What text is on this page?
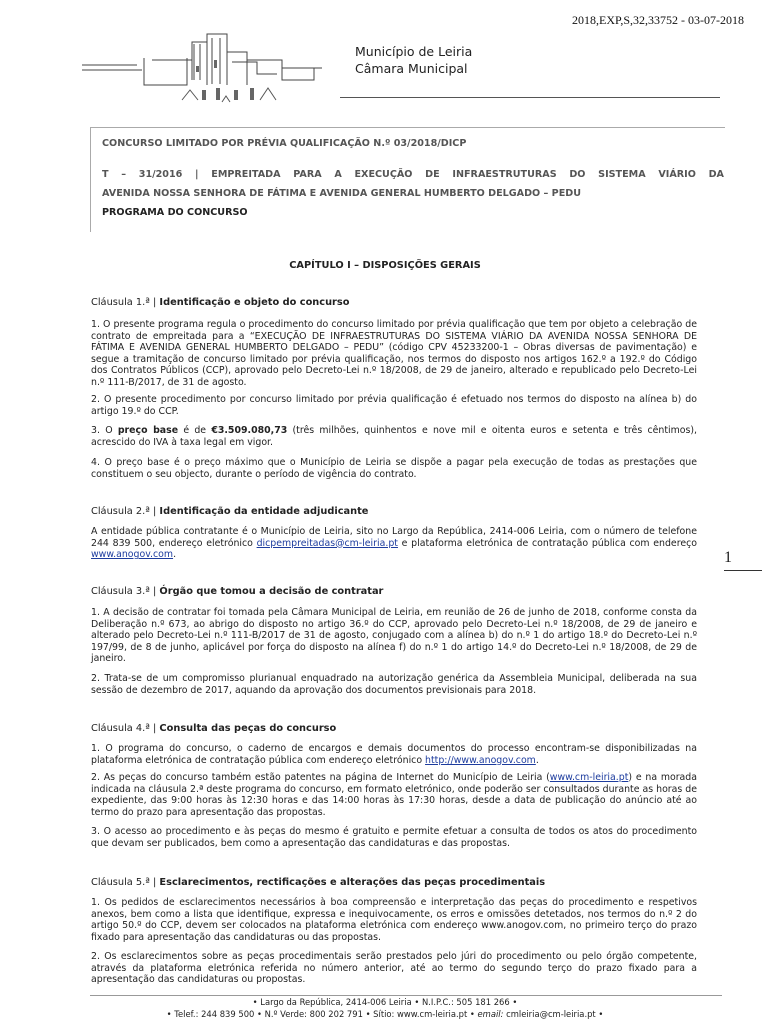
2018,EXP,S,32,33752 - 03-07-2018
Município de Leiria
Câmara Municipal

CONCURSO LIMITADO POR PRÉVIA QUALIFICAÇÃO N.º 03/2018/DICP

T – 31/2016 | EMPREITADA PARA A EXECUÇÃO DE INFRAESTRUTURAS DO SISTEMA VIÁRIO DA
AVENIDA NOSSA SENHORA DE FÁTIMA E AVENIDA GENERAL HUMBERTO DELGADO – PEDU

PROGRAMA DO CONCURSO

CAPÍTULO I – DISPOSIÇÕES GERAIS
Cláusula 1.ª | Identificação e objeto do concurso

1. O presente programa regula o procedimento do concurso limitado por prévia qualificação que tem por objeto a celebração de contrato de empreitada para a “EXECUÇÃO DE INFRAESTRUTURAS DO SISTEMA VIÁRIO DA AVENIDA NOSSA SENHORA DE FÁTIMA E AVENIDA GENERAL HUMBERTO DELGADO – PEDU” (código CPV 45233200-1 – Obras diversas de pavimentação) e segue a tramitação de concurso limitado por prévia qualificação, nos termos do disposto nos artigos 162.º a 192.º do Código dos Contratos Públicos (CCP), aprovado pelo Decreto-Lei n.º 18/2008, de 29 de janeiro, alterado e republicado pelo Decreto-Lei n.º 111-B/2017, de 31 de agosto.

2. O presente procedimento por concurso limitado por prévia qualificação é efetuado nos termos do disposto na alínea b) do artigo 19.º do CCP.

3. O preço base é de €3.509.080,73 (três milhões, quinhentos e nove mil e oitenta euros e setenta e três cêntimos), acrescido do IVA à taxa legal em vigor.

4. O preço base é o preço máximo que o Município de Leiria se dispõe a pagar pela execução de todas as prestações que constituem o seu objecto, durante o período de vigência do contrato.

Cláusula 2.ª | Identificação da entidade adjudicante

A entidade pública contratante é o Município de Leiria, sito no Largo da República, 2414-006 Leiria, com o número de telefone 244 839 500, endereço eletrónico dicpempreitadas@cm-leiria.pt e plataforma eletrónica de contratação pública com endereço www.anogov.com.	1
Cláusula 3.ª | Órgão que tomou a decisão de contratar

1. A decisão de contratar foi tomada pela Câmara Municipal de Leiria, em reunião de 26 de junho de 2018, conforme consta da Deliberação n.º 673, ao abrigo do disposto no artigo 36.º do CCP, aprovado pelo Decreto-Lei n.º 18/2008, de 29 de janeiro e alterado pelo Decreto-Lei n.º 111-B/2017 de 31 de agosto, conjugado com a alínea b) do n.º 1 do artigo 18.º do Decreto-Lei n.º 197/99, de 8 de junho, aplicável por força do disposto na alínea f) do n.º 1 do artigo 14.º do Decreto-Lei n.º 18/2008, de 29 de janeiro.

2. Trata-se de um compromisso plurianual enquadrado na autorização genérica da Assembleia Municipal, deliberada na sua sessão de dezembro de 2017, aquando da aprovação dos documentos previsionais para 2018.

Cláusula 4.ª | Consulta das peças do concurso

1. O programa do concurso, o caderno de encargos e demais documentos do processo encontram-se disponibilizadas na plataforma eletrónica de contratação pública com endereço eletrónico http://www.anogov.com.

2. As peças do concurso também estão patentes na página de Internet do Município de Leiria (www.cm-leiria.pt) e na morada indicada na cláusula 2.ª deste programa do concurso, em formato eletrónico, onde poderão ser consultados durante as horas de expediente, das 9:00 horas às 12:30 horas e das 14:00 horas às 17:30 horas, desde a data de publicação do anúncio até ao termo do prazo para apresentação das propostas.

3. O acesso ao procedimento e às peças do mesmo é gratuito e permite efetuar a consulta de todos os atos do procedimento que devam ser publicados, bem como a apresentação das candidaturas e das propostas.

Cláusula 5.ª | Esclarecimentos, rectificações e alterações das peças procedimentais

1. Os pedidos de esclarecimentos necessários à boa compreensão e interpretação das peças do procedimento e respetivos anexos, bem como a lista que identifique, expressa e inequivocamente, os erros e omissões detetados, nos termos do n.º 2 do artigo 50.º do CCP, devem ser colocados na plataforma eletrónica com endereço www.anogov.com, no primeiro terço do prazo fixado para apresentação das candidaturas ou das propostas.

2. Os esclarecimentos sobre as peças procedimentais serão prestados pelo júri do procedimento ou pelo órgão competente, através da plataforma eletrónica referida no número anterior, até ao termo do segundo terço do prazo fixado para a apresentação das candidaturas ou propostas.

• Largo da República, 2414-006 Leiria • N.I.P.C.: 505 181 266 •
• Telef.: 244 839 500 • N.º Verde: 800 202 791 • Sítio: www.cm-leiria.pt • email: cmleiria@cm-leiria.pt •
